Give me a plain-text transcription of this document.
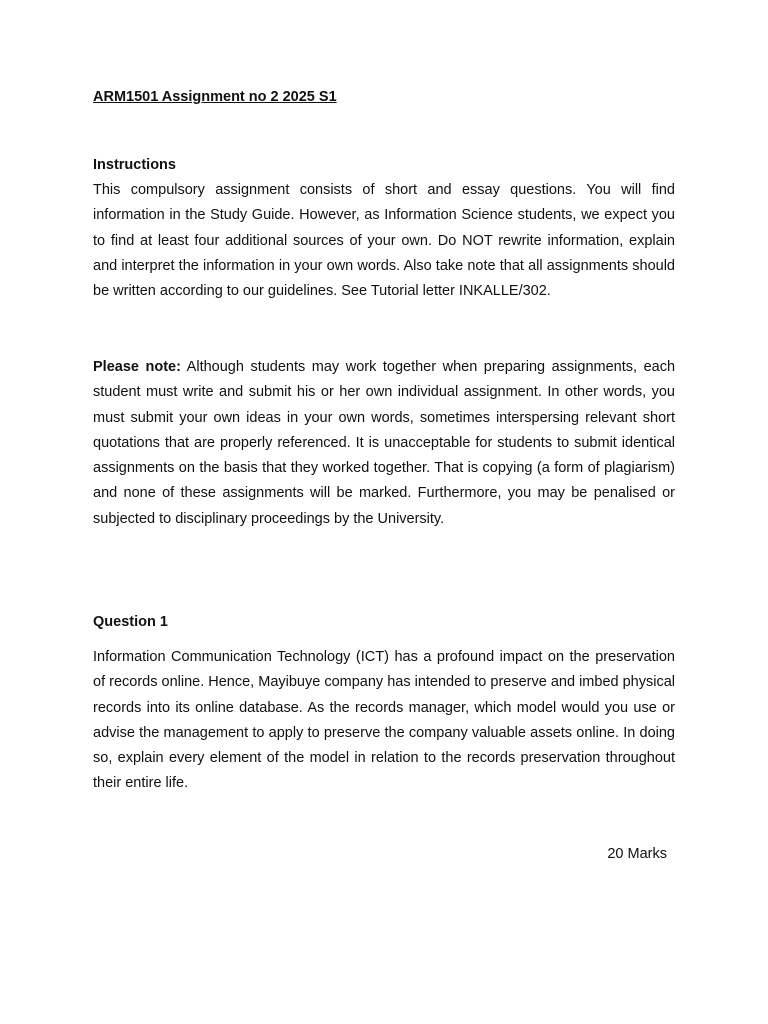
ARM1501 Assignment no 2 2025 S1
Instructions

This compulsory assignment consists of short and essay questions. You will find information in the Study Guide. However, as Information Science students, we expect you to find at least four additional sources of your own. Do NOT rewrite information, explain and interpret the information in your own words. Also take note that all assignments should be written according to our guidelines. See Tutorial letter INKALLE/302.

Please note: Although students may work together when preparing assignments, each student must write and submit his or her own individual assignment. In other words, you must submit your own ideas in your own words, sometimes interspersing relevant short quotations that are properly referenced. It is unacceptable for students to submit identical assignments on the basis that they worked together. That is copying (a form of plagiarism) and none of these assignments will be marked. Furthermore, you may be penalised or subjected to disciplinary proceedings by the University.

Question 1

Information Communication Technology (ICT) has a profound impact on the preservation of records online. Hence, Mayibuye company has intended to preserve and imbed physical records into its online database. As the records manager, which model would you use or advise the management to apply to preserve the company valuable assets online. In doing so, explain every element of the model in relation to the records preservation throughout their entire life.

20 Marks
